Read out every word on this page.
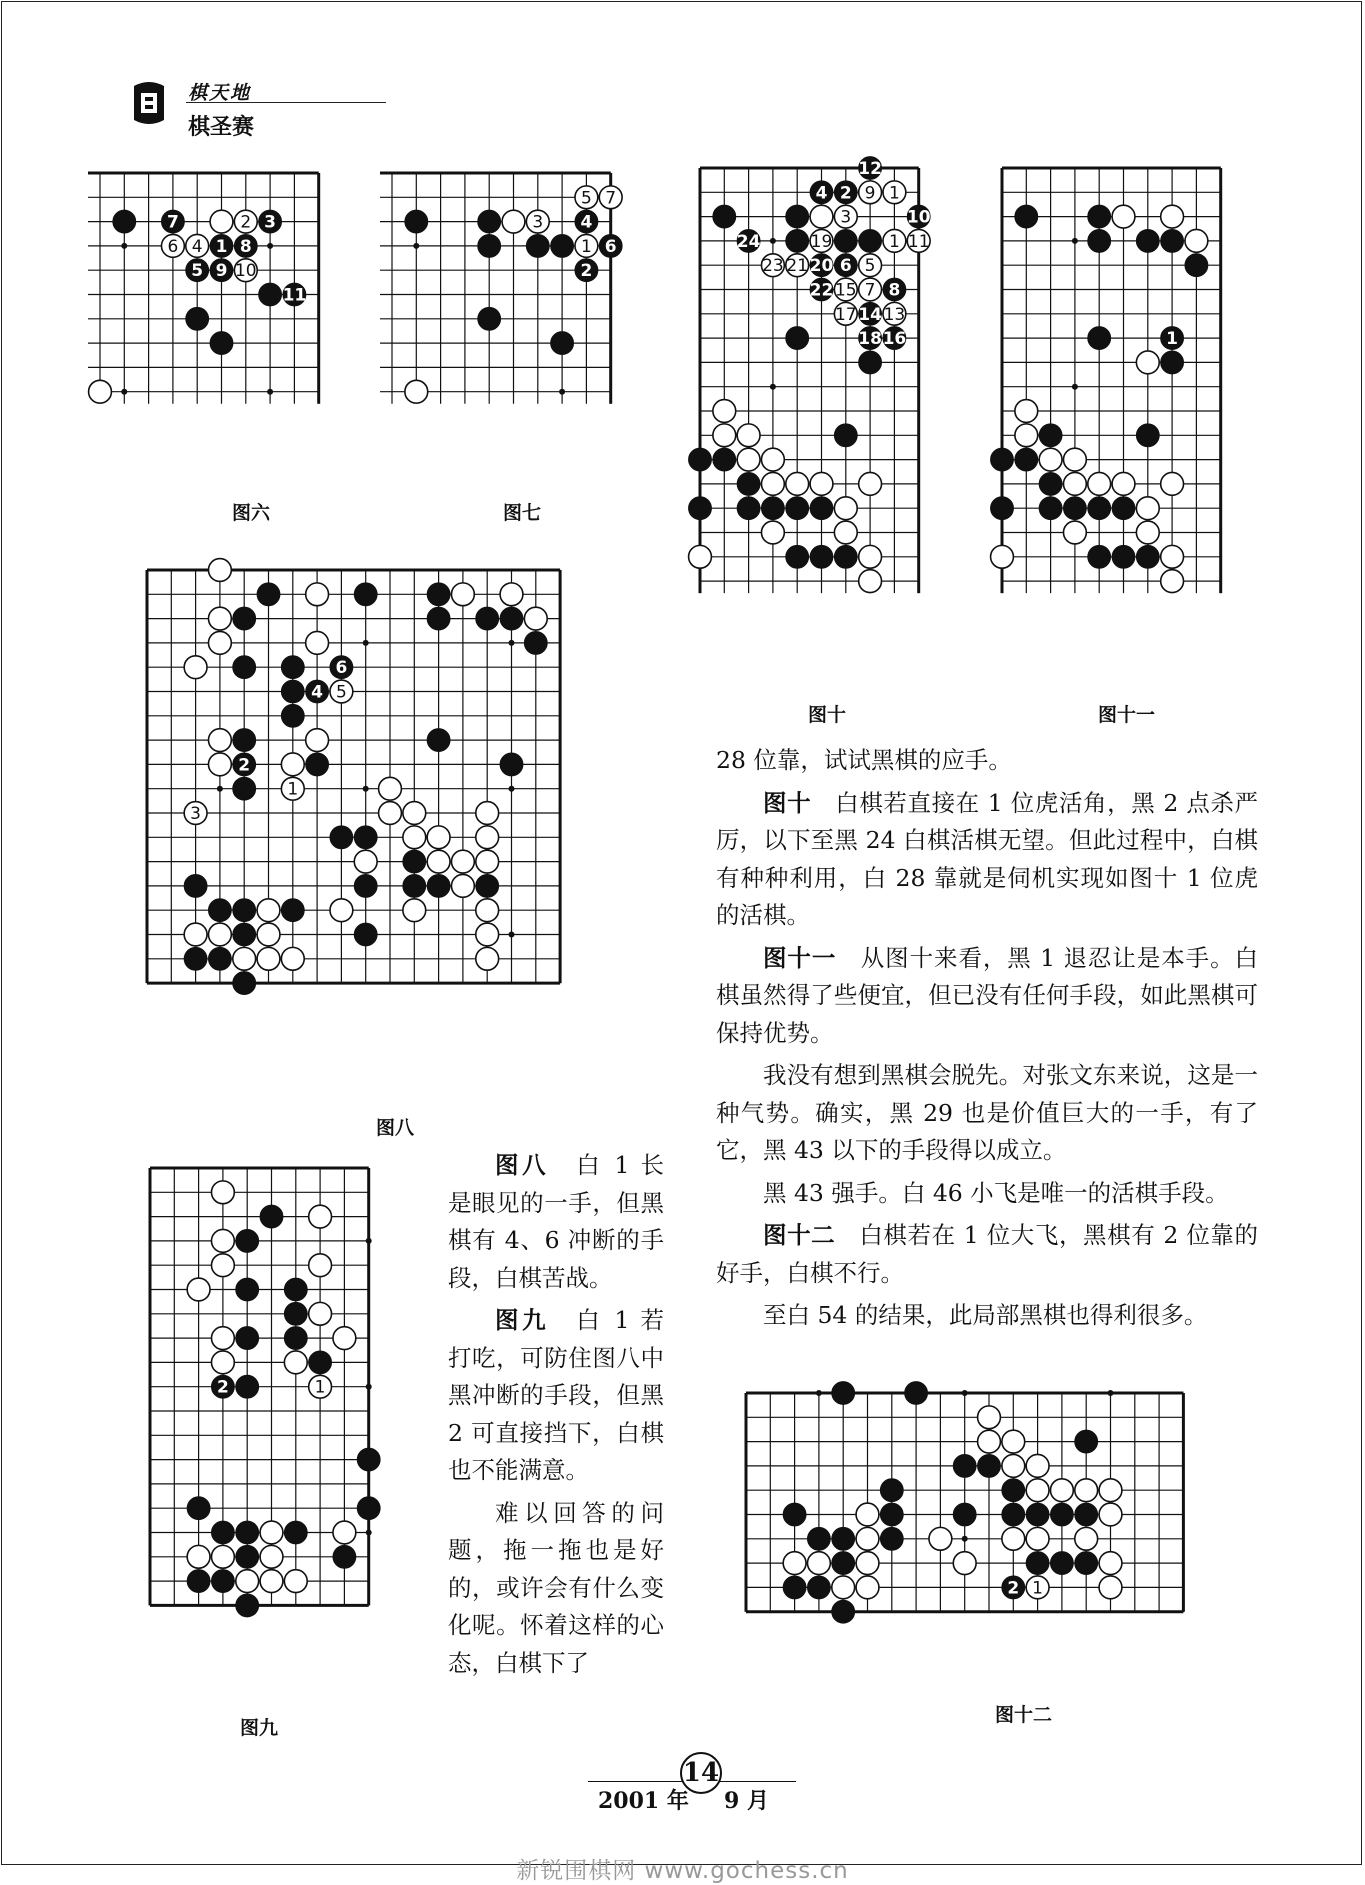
棋天地
棋圣赛
7	2 3
6 4 1 8
5 9 10
11
5 7
3 4
1 6
2
12
4 2 9 1
3	10
24	19	1 11
23 21 20 6 5
22 15 7 8
17 14 13
18 16	1
6
4 5
2
1
3
2	1
2 1
图六	图七
图十	图十一
图八
图九
图十二

28 位靠，试试黑棋的应手。

图十　白棋若直接在 1 位虎活角，黑 2 点杀严厉，以下至黑 24 白棋活棋无望。但此过程中，白棋有种种利用，白 28 靠就是伺机实现如图十 1 位虎的活棋。

图十一　从图十来看，黑 1 退忍让是本手。白棋虽然得了些便宜，但已没有任何手段，如此黑棋可保持优势。

我没有想到黑棋会脱先。对张文东来说，这是一种气势。确实，黑 29 也是价值巨大的一手，有了它，黑 43 以下的手段得以成立。

黑 43 强手。白 46 小飞是唯一的活棋手段。

图十二　白棋若在 1 位大飞，黑棋有 2 位靠的好手，白棋不行。

至白 54 的结果，此局部黑棋也得利很多。

图八　白 1 长是眼见的一手，但黑棋有 4、6 冲断的手段，白棋苦战。

图九　白 1 若打吃，可防住图八中黑冲断的手段，但黑 2 可直接挡下，白棋也不能满意。

难以回答的问题，拖一拖也是好的，或许会有什么变化呢。怀着这样的心态，白棋下了

2001 年
14
9 月
新锐围棋网 www.gochess.cn
